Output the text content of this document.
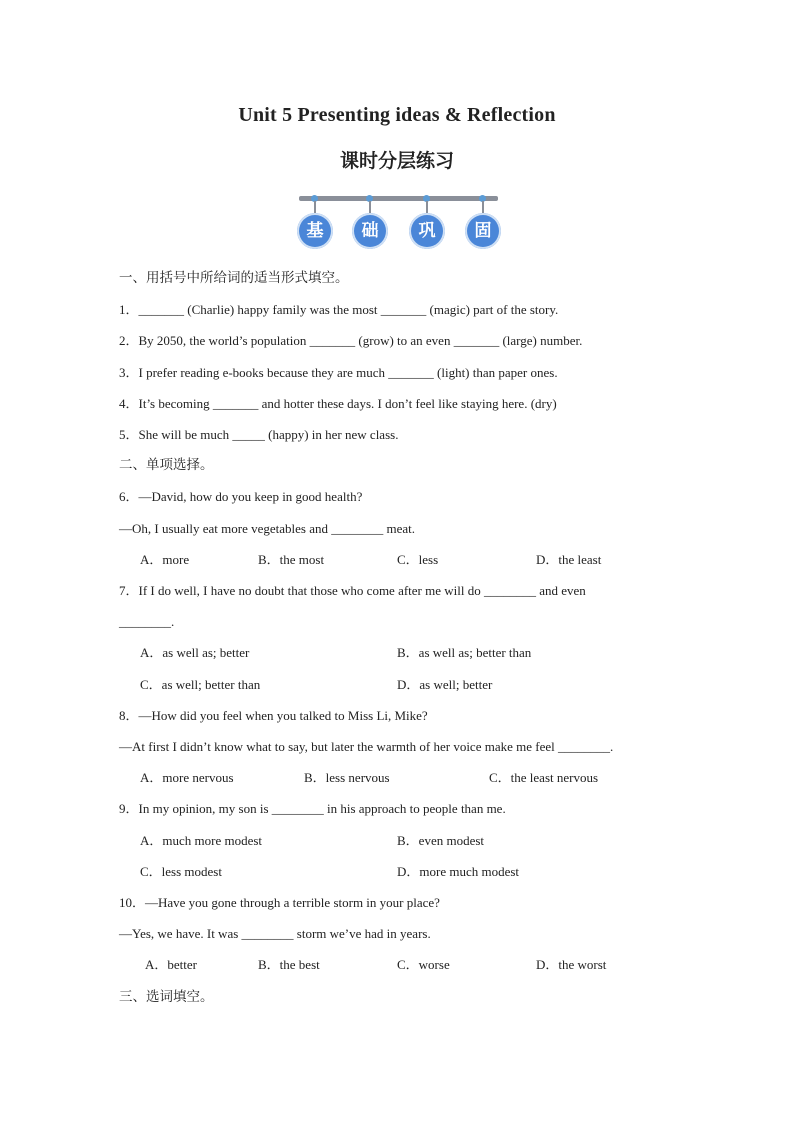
Unit 5 Presenting ideas & Reflection
课时分层练习
基	础	巩	固
一、用括号中所给词的适当形式填空。
1．_______ (Charlie) happy family was the most _______ (magic) part of the story.
2．By 2050, the world’s population _______ (grow) to an even _______ (large) number.
3．I prefer reading e-books because they are much _______ (light) than paper ones.
4．It’s becoming _______ and hotter these days. I don’t feel like staying here. (dry)
5．She will be much _____ (happy) in her new class.
二、单项选择。
6．—David, how do you keep in good health?
—Oh, I usually eat more vegetables and ________ meat.
A．more	B．the most	C．less	D．the least
7．If I do well, I have no doubt that those who come after me will do ________ and even
________.
A．as well as; better	B．as well as; better than
C．as well; better than	D．as well; better
8．—How did you feel when you talked to Miss Li, Mike?
—At first I didn’t know what to say, but later the warmth of her voice make me feel ________.
A．more nervous	B．less nervous	C．the least nervous
9．In my opinion, my son is ________ in his approach to people than me.
A．much more modest	B．even modest
C．less modest	D．more much modest
10．—Have you gone through a terrible storm in your place?
—Yes, we have. It was ________ storm we’ve had in years.
A．better	B．the best	C．worse	D．the worst
三、选词填空。
